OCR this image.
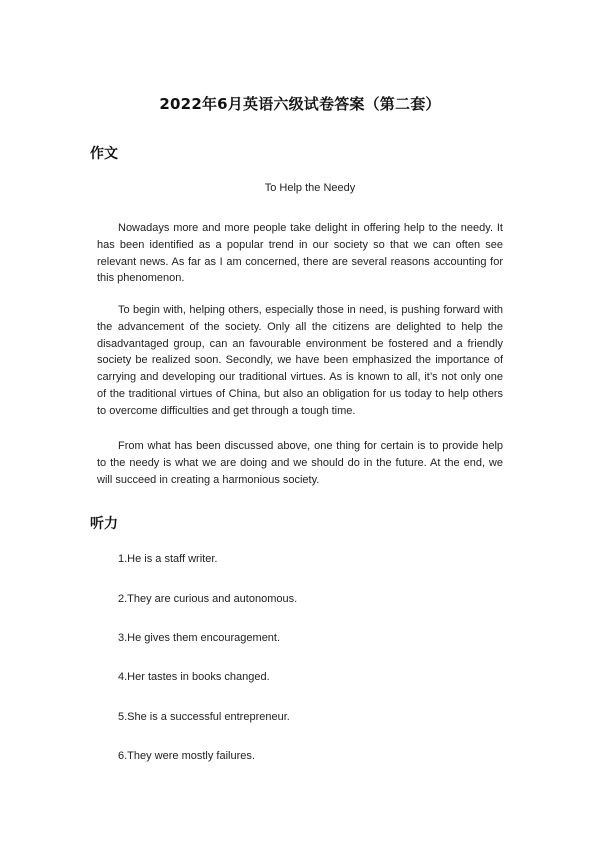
2022年6月英语六级试卷答案（第二套）
作文
To Help the Needy

Nowadays more and more people take delight in offering help to the needy. It has been identified as a popular trend in our society so that we can often see relevant news. As far as I am concerned, there are several reasons accounting for this phenomenon.

To begin with, helping others, especially those in need, is pushing forward with the advancement of the society. Only all the citizens are delighted to help the disadvantaged group, can an favourable environment be fostered and a friendly society be realized soon. Secondly, we have been emphasized the importance of carrying and developing our traditional virtues. As is known to all, it’s not only one of the traditional virtues of China, but also an obligation for us today to help others to overcome difficulties and get through a tough time.

From what has been discussed above, one thing for certain is to provide help to the needy is what we are doing and we should do in the future. At the end, we will succeed in creating a harmonious society.

听力
1.He is a staff writer.
2.They are curious and autonomous.
3.He gives them encouragement.
4.Her tastes in books changed.
5.She is a successful entrepreneur.
6.They were mostly failures.
